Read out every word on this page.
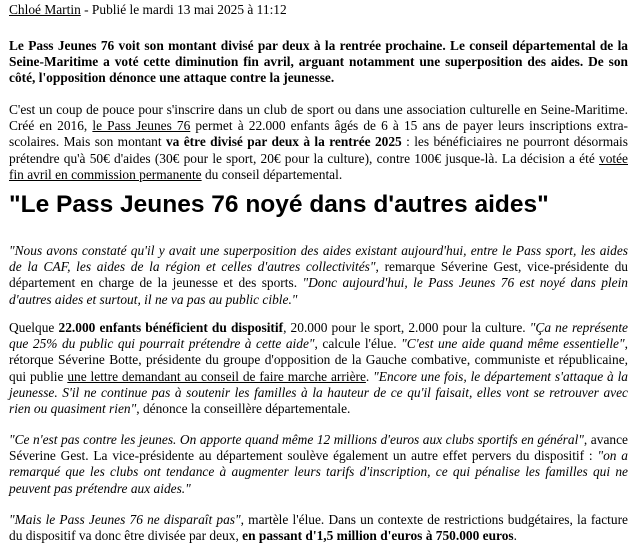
Chloé Martin - Publié le mardi 13 mai 2025 à 11:12

Le Pass Jeunes 76 voit son montant divisé par deux à la rentrée prochaine. Le conseil départemental de la Seine-Maritime a voté cette diminution fin avril, arguant notamment une superposition des aides. De son côté, l'opposition dénonce une attaque contre la jeunesse.

C'est un coup de pouce pour s'inscrire dans un club de sport ou dans une association culturelle en Seine-Maritime. Créé en 2016, le Pass Jeunes 76 permet à 22.000 enfants âgés de 6 à 15 ans de payer leurs inscriptions extra-scolaires. Mais son montant va être divisé par deux à la rentrée 2025 : les bénéficiaires ne pourront désormais prétendre qu'à 50€ d'aides (30€ pour le sport, 20€ pour la culture), contre 100€ jusque-là. La décision a été votée fin avril en commission permanente du conseil départemental.

"Le Pass Jeunes 76 noyé dans d'autres aides"

"Nous avons constaté qu'il y avait une superposition des aides existant aujourd'hui, entre le Pass sport, les aides de la CAF, les aides de la région et celles d'autres collectivités", remarque Séverine Gest, vice-présidente du département en charge de la jeunesse et des sports. "Donc aujourd'hui, le Pass Jeunes 76 est noyé dans plein d'autres aides et surtout, il ne va pas au public cible."

Quelque 22.000 enfants bénéficient du dispositif, 20.000 pour le sport, 2.000 pour la culture. "Ça ne représente que 25% du public qui pourrait prétendre à cette aide", calcule l'élue. "C'est une aide quand même essentielle", rétorque Séverine Botte, présidente du groupe d'opposition de la Gauche combative, communiste et républicaine, qui publie une lettre demandant au conseil de faire marche arrière. "Encore une fois, le département s'attaque à la jeunesse. S'il ne continue pas à soutenir les familles à la hauteur de ce qu'il faisait, elles vont se retrouver avec rien ou quasiment rien", dénonce la conseillère départementale.

"Ce n'est pas contre les jeunes. On apporte quand même 12 millions d'euros aux clubs sportifs en général", avance Séverine Gest. La vice-présidente au département soulève également un autre effet pervers du dispositif : "on a remarqué que les clubs ont tendance à augmenter leurs tarifs d'inscription, ce qui pénalise les familles qui ne peuvent pas prétendre aux aides."

"Mais le Pass Jeunes 76 ne disparaît pas", martèle l'élue. Dans un contexte de restrictions budgétaires, la facture du dispositif va donc être divisée par deux, en passant d'1,5 million d'euros à 750.000 euros.
